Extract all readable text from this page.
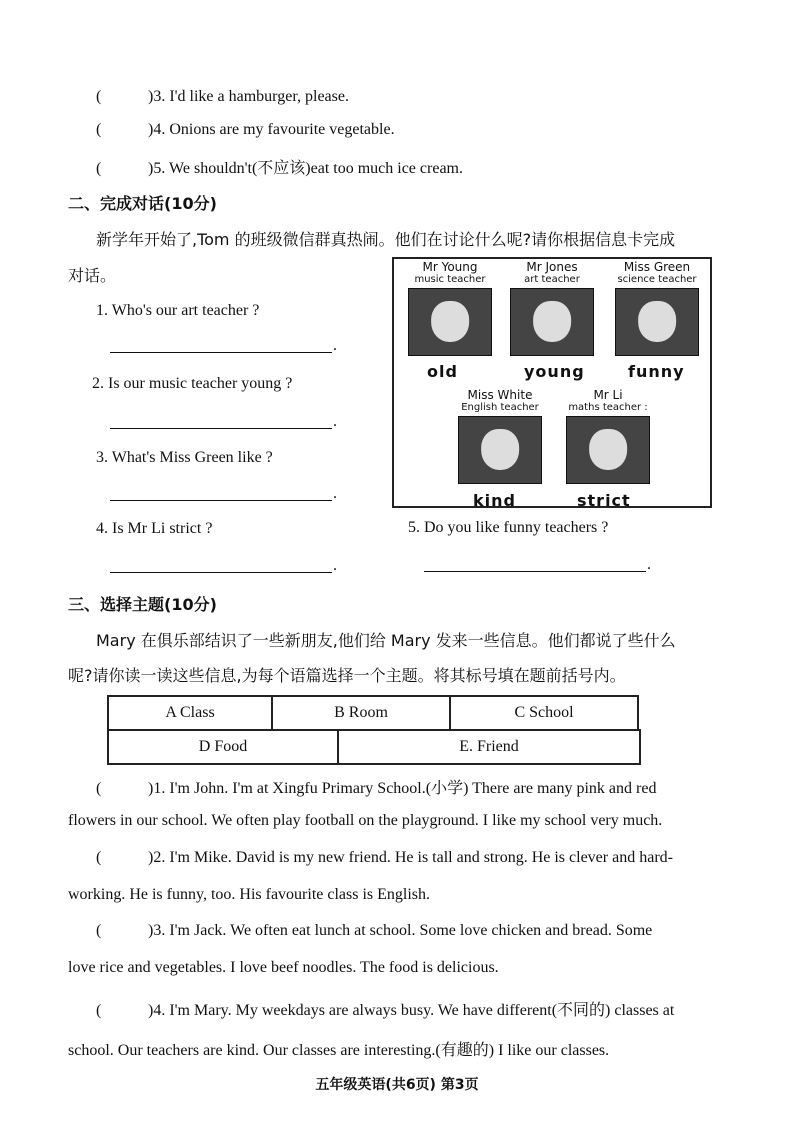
(	)3. I'd like a hamburger, please.
(	)4. Onions are my favourite vegetable.
(	)5. We shouldn't(不应该)eat too much ice cream.
二、完成对话(10分)
新学年开始了,Tom 的班级微信群真热闹。他们在讨论什么呢?请你根据信息卡完成
对话。
1. Who's our art teacher ?
.
2. Is our music teacher young ?
.
3. What's Miss Green like ?
.
4. Is Mr Li strict ?
.
5. Do you like funny teachers ?
.
Mr Young
music teacher
old
Mr Jones
art teacher
young
Miss Green
science teacher
funny
Miss White
English teacher
kind
Mr Li
maths teacher :
strict
三、选择主题(10分)
Mary 在俱乐部结识了一些新朋友,他们给 Mary 发来一些信息。他们都说了些什么
呢?请你读一读这些信息,为每个语篇选择一个主题。将其标号填在题前括号内。
A Class	B Room	C School
D Food	E. Friend
(	)1. I'm John. I'm at Xingfu Primary School.(小学) There are many pink and red
flowers in our school. We often play football on the playground. I like my school very much.
(	)2. I'm Mike. David is my new friend. He is tall and strong. He is clever and hard-
working. He is funny, too. His favourite class is English.
(	)3. I'm Jack. We often eat lunch at school. Some love chicken and bread. Some
love rice and vegetables. I love beef noodles. The food is delicious.
(	)4. I'm Mary. My weekdays are always busy. We have different(不同的) classes at
school. Our teachers are kind. Our classes are interesting.(有趣的) I like our classes.
五年级英语(共6页) 第3页
